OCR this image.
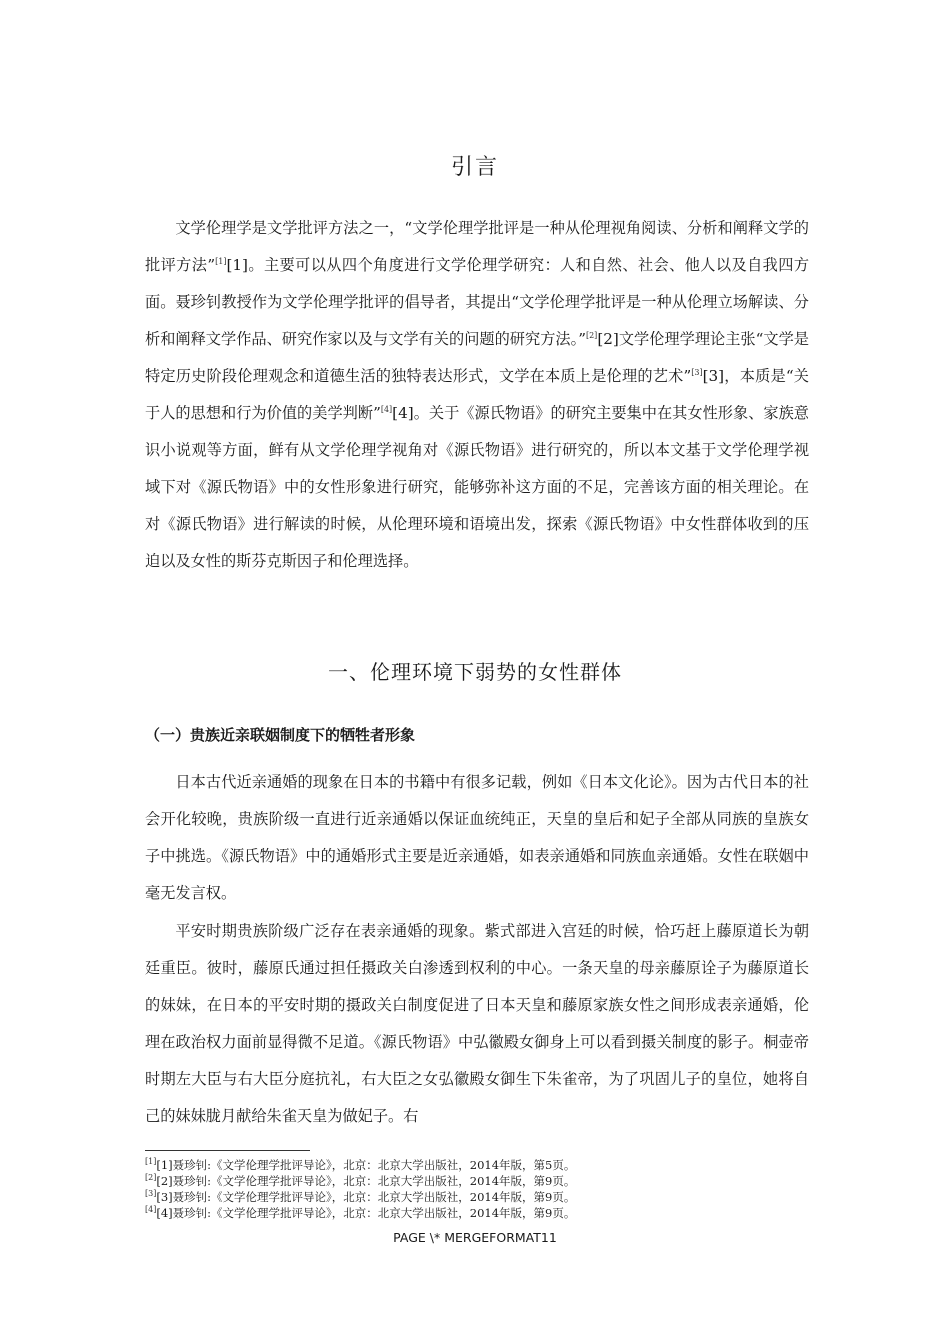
引言

文学伦理学是文学批评方法之一，“文学伦理学批评是一种从伦理视角阅读、分析和阐释文学的批评方法”[1][1]。主要可以从四个角度进行文学伦理学研究：人和自然、社会、他人以及自我四方面。聂珍钊教授作为文学伦理学批评的倡导者，其提出“文学伦理学批评是一种从伦理立场解读、分析和阐释文学作品、研究作家以及与文学有关的问题的研究方法。”[2][2]文学伦理学理论主张“文学是特定历史阶段伦理观念和道德生活的独特表达形式，文学在本质上是伦理的艺术”[3][3]，本质是“关于人的思想和行为价值的美学判断”[4][4]。关于《源氏物语》的研究主要集中在其女性形象、家族意识小说观等方面，鲜有从文学伦理学视角对《源氏物语》进行研究的，所以本文基于文学伦理学视域下对《源氏物语》中的女性形象进行研究，能够弥补这方面的不足，完善该方面的相关理论。在对《源氏物语》进行解读的时候，从伦理环境和语境出发，探索《源氏物语》中女性群体收到的压迫以及女性的斯芬克斯因子和伦理选择。

一、伦理环境下弱势的女性群体
（一）贵族近亲联姻制度下的牺牲者形象

日本古代近亲通婚的现象在日本的书籍中有很多记载，例如《日本文化论》。因为古代日本的社会开化较晚，贵族阶级一直进行近亲通婚以保证血统纯正，天皇的皇后和妃子全部从同族的皇族女子中挑选。《源氏物语》中的通婚形式主要是近亲通婚，如表亲通婚和同族血亲通婚。女性在联姻中毫无发言权。

平安时期贵族阶级广泛存在表亲通婚的现象。紫式部进入宫廷的时候，恰巧赶上藤原道长为朝廷重臣。彼时，藤原氏通过担任摄政关白渗透到权利的中心。一条天皇的母亲藤原诠子为藤原道长的妹妹，在日本的平安时期的摄政关白制度促进了日本天皇和藤原家族女性之间形成表亲通婚，伦理在政治权力面前显得微不足道。《源氏物语》中弘徽殿女御身上可以看到摄关制度的影子。桐壶帝时期左大臣与右大臣分庭抗礼，右大臣之女弘徽殿女御生下朱雀帝，为了巩固儿子的皇位，她将自己的妹妹胧月献给朱雀天皇为做妃子。右

[1][1]聂珍钊:《文学伦理学批评导论》，北京：北京大学出版社，2014年版，第5页。
[2][2]聂珍钊:《文学伦理学批评导论》，北京：北京大学出版社，2014年版，第9页。
[3][3]聂珍钊:《文学伦理学批评导论》，北京：北京大学出版社，2014年版，第9页。
[4][4]聂珍钊:《文学伦理学批评导论》，北京：北京大学出版社，2014年版，第9页。
PAGE \* MERGEFORMAT11
